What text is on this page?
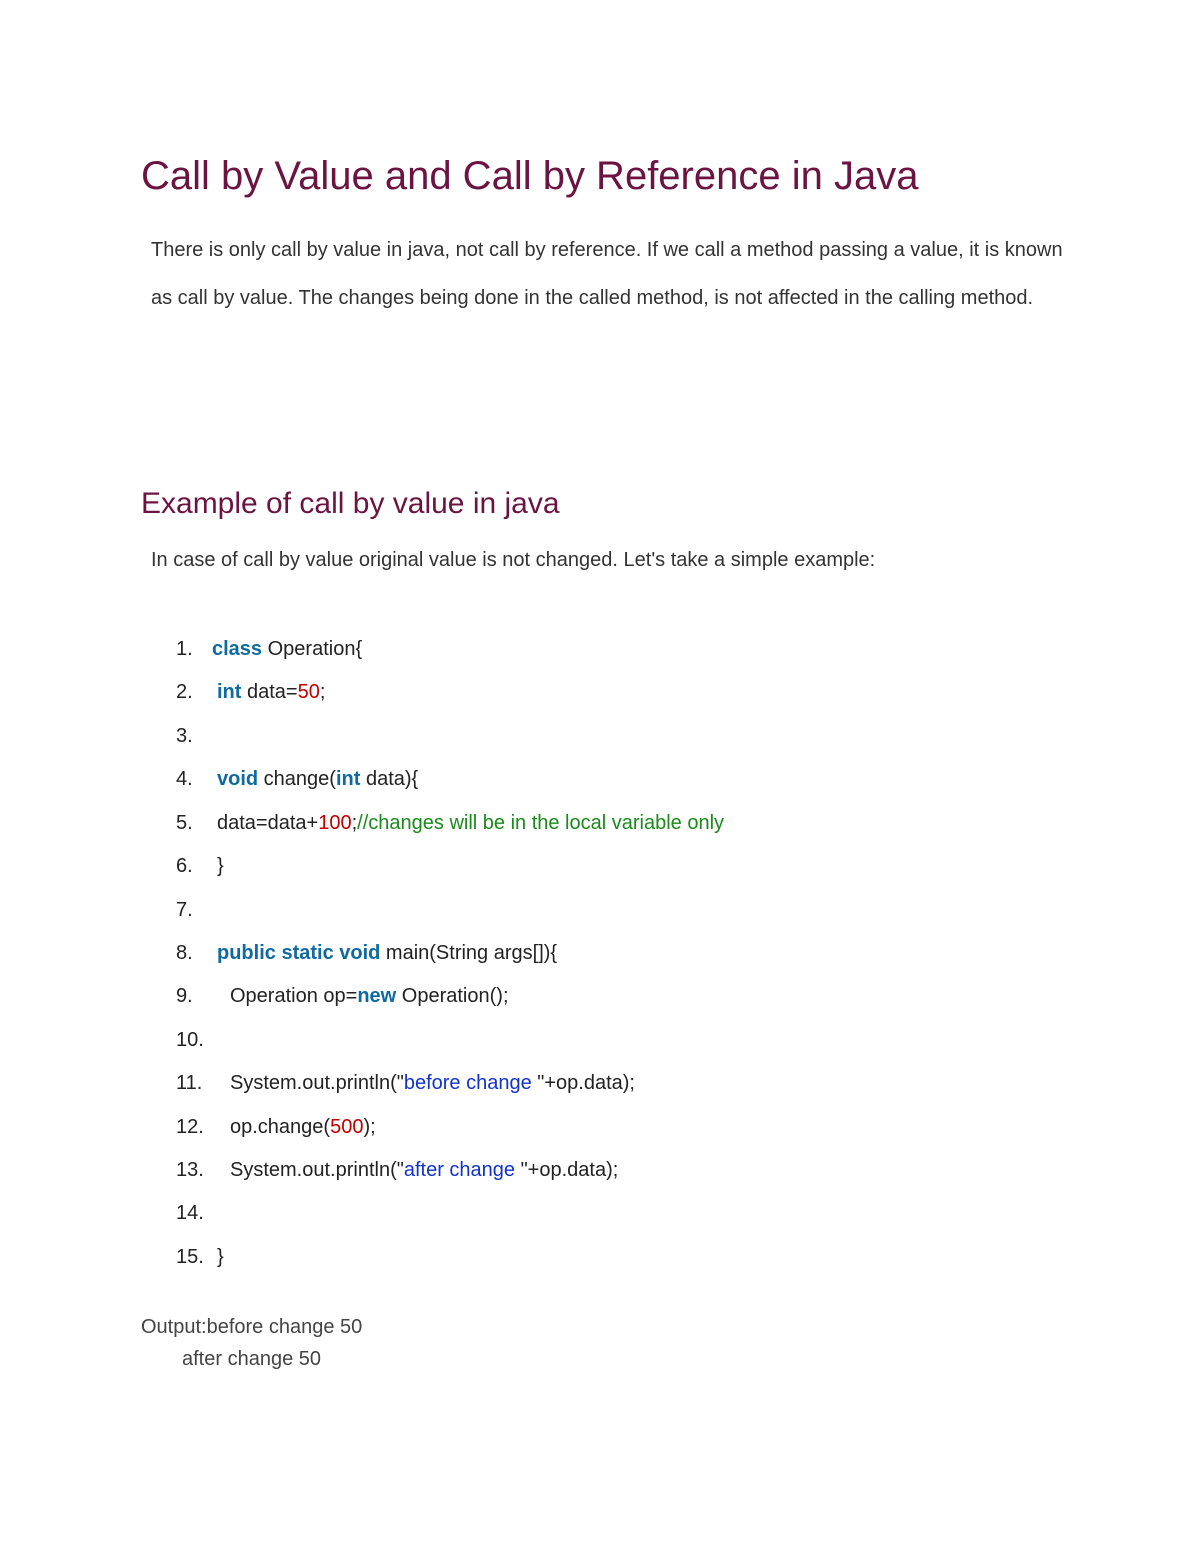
Call by Value and Call by Reference in Java

There is only call by value in java, not call by reference. If we call a method passing a value, it is known as call by value. The changes being done in the called method, is not affected in the calling method.

Example of call by value in java

In case of call by value original value is not changed. Let's take a simple example:

1. class Operation{
2.	int data=50;
3.
4.	void change(int data){
5.	data=data+100;//changes will be in the local variable only
6.	}
7.
8.	public static void main(String args[]){
9.	Operation op=new Operation();
10.
11.	System.out.println("before change "+op.data);
12.	op.change(500);
13.	System.out.println("after change "+op.data);
14.
15. }

Output:before change 50
after change 50
